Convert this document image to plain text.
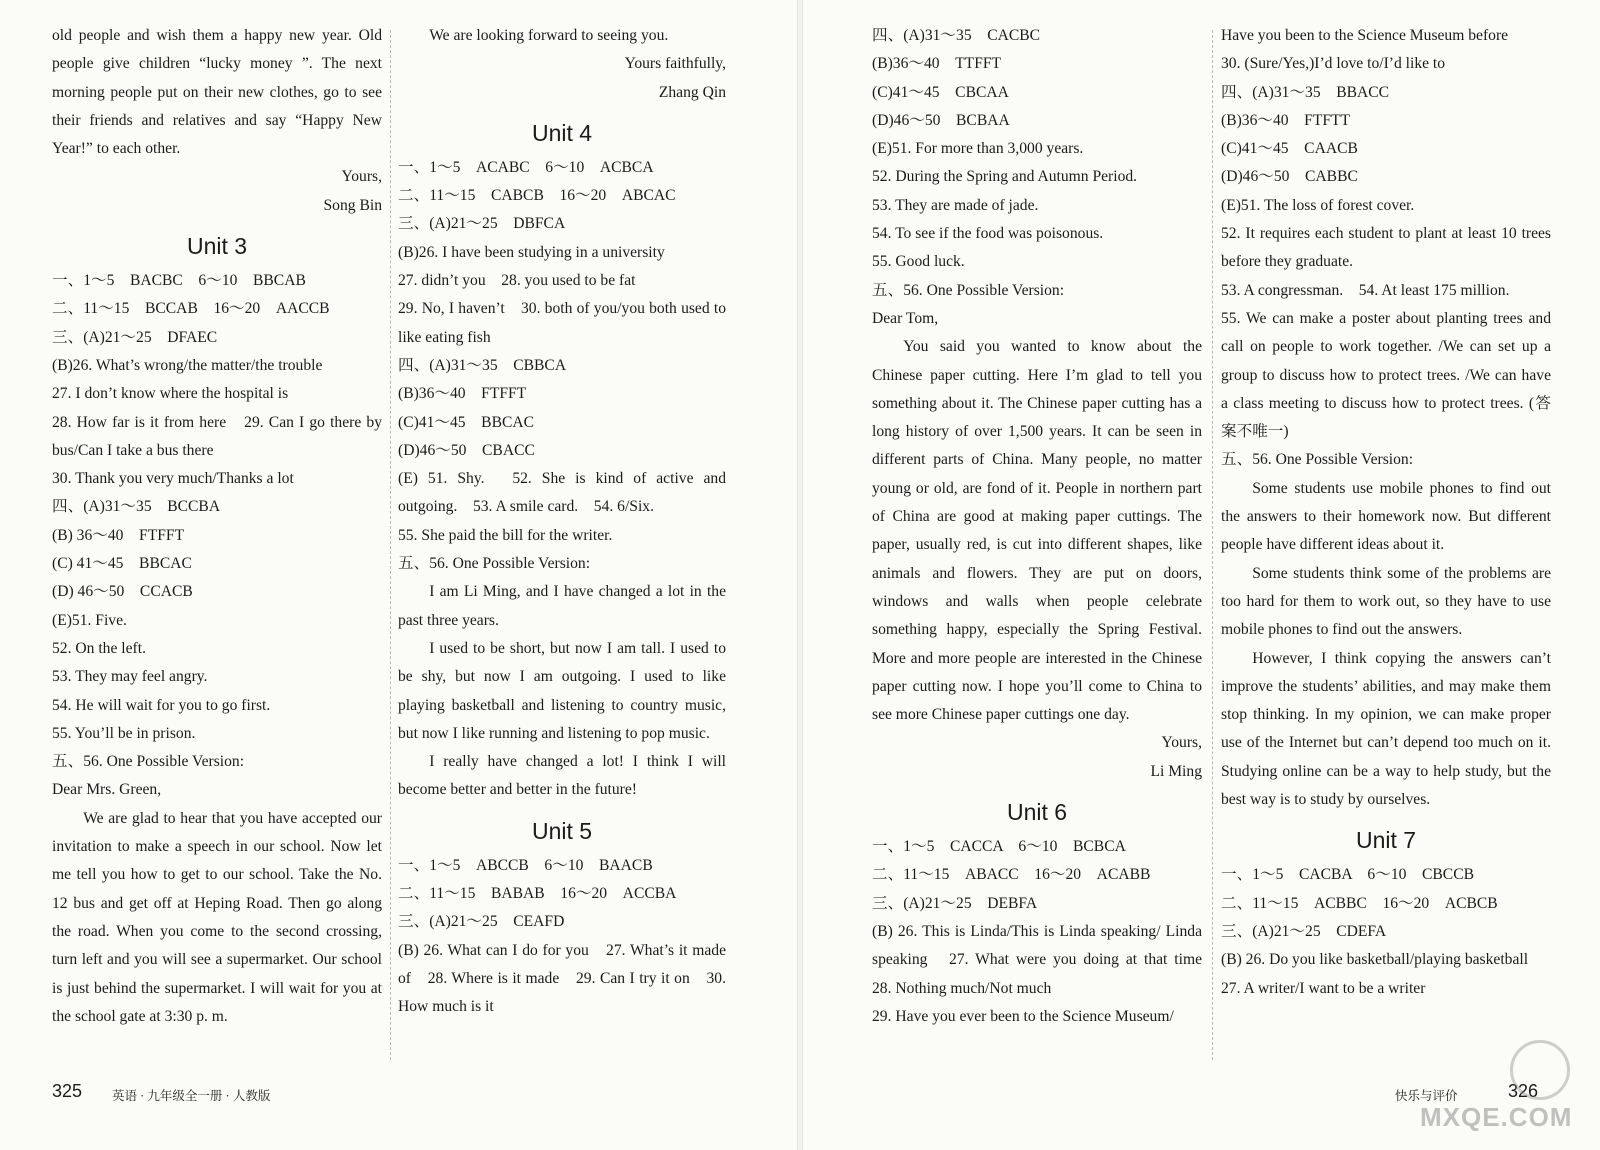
old people and wish them a happy new year. Old people give children “lucky money ”. The next morning people put on their new clothes, go to see their friends and relatives and say “Happy New Year!” to each other.

Yours,

Song Bin

Unit 3

一、1～5　BACBC　6～10　BBCAB

二、11～15　BCCAB　16～20　AACCB

三、(A)21～25　DFAEC

(B)26. What’s wrong/the matter/the trouble

27. I don’t know where the hospital is

28. How far is it from here　29. Can I go there by bus/Can I take a bus there

30. Thank you very much/Thanks a lot

四、(A)31～35　BCCBA

(B) 36～40　FTFFT

(C) 41～45　BBCAC

(D) 46～50　CCACB

(E)51. Five.

52. On the left.

53. They may feel angry.

54. He will wait for you to go first.

55. You’ll be in prison.

五、56. One Possible Version:

Dear Mrs. Green,

We are glad to hear that you have accepted our invitation to make a speech in our school. Now let me tell you how to get to our school. Take the No. 12 bus and get off at Heping Road. Then go along the road. When you come to the second crossing, turn left and you will see a supermarket. Our school is just behind the supermarket. I will wait for you at the school gate at 3:30 p. m.

We are looking forward to seeing you.

Yours faithfully,

Zhang Qin

Unit 4

一、1～5　ACABC　6～10　ACBCA

二、11～15　CABCB　16～20　ABCAC

三、(A)21～25　DBFCA

(B)26. I have been studying in a university

27. didn’t you　28. you used to be fat

29. No, I haven’t　30. both of you/you both used to like eating fish

四、(A)31～35　CBBCA

(B)36～40　FTFFT

(C)41～45　BBCAC

(D)46～50　CBACC

(E) 51. Shy.　52. She is kind of active and outgoing.　53. A smile card.　54. 6/Six.

55. She paid the bill for the writer.

五、56. One Possible Version:

I am Li Ming, and I have changed a lot in the past three years.

I used to be short, but now I am tall. I used to be shy, but now I am outgoing. I used to like playing basketball and listening to country music, but now I like running and listening to pop music.

I really have changed a lot! I think I will become better and better in the future!

Unit 5

一、1～5　ABCCB　6～10　BAACB

二、11～15　BABAB　16～20　ACCBA

三、(A)21～25　CEAFD

(B) 26. What can I do for you　27. What’s it made of　28. Where is it made　29. Can I try it on　30. How much is it

325 英语 · 九年级全一册 · 人教版

四、(A)31～35　CACBC

(B)36～40　TTFFT

(C)41～45　CBCAA

(D)46～50　BCBAA

(E)51. For more than 3,000 years.

52. During the Spring and Autumn Period.

53. They are made of jade.

54. To see if the food was poisonous.

55. Good luck.

五、56. One Possible Version:

Dear Tom,

You said you wanted to know about the Chinese paper cutting. Here I’m glad to tell you something about it. The Chinese paper cutting has a long history of over 1,500 years. It can be seen in different parts of China. Many people, no matter young or old, are fond of it. People in northern part of China are good at making paper cuttings. The paper, usually red, is cut into different shapes, like animals and flowers. They are put on doors, windows and walls when people celebrate something happy, especially the Spring Festival. More and more people are interested in the Chinese paper cutting now. I hope you’ll come to China to see more Chinese paper cuttings one day.

Yours,

Li Ming

Unit 6

一、1～5　CACCA　6～10　BCBCA

二、11～15　ABACC　16～20　ACABB

三、(A)21～25　DEBFA

(B) 26. This is Linda/This is Linda speaking/ Linda speaking　27. What were you doing at that time　28. Nothing much/Not much

29. Have you ever been to the Science Museum/

Have you been to the Science Museum before

30. (Sure/Yes,)I’d love to/I’d like to

四、(A)31～35　BBACC

(B)36～40　FTFTT

(C)41～45　CAACB

(D)46～50　CABBC

(E)51. The loss of forest cover.

52. It requires each student to plant at least 10 trees before they graduate.

53. A congressman.　54. At least 175 million.

55. We can make a poster about planting trees and call on people to work together. /We can set up a group to discuss how to protect trees. /We can have a class meeting to discuss how to protect trees. (答案不唯一)

五、56. One Possible Version:

Some students use mobile phones to find out the answers to their homework now. But different people have different ideas about it.

Some students think some of the problems are too hard for them to work out, so they have to use mobile phones to find out the answers.

However, I think copying the answers can’t improve the students’ abilities, and may make them stop thinking. In my opinion, we can make proper use of the Internet but can’t depend too much on it. Studying online can be a way to help study, but the best way is to study by ourselves.

Unit 7

一、1～5　CACBA　6～10　CBCCB

二、11～15　ACBBC　16～20　ACBCB

三、(A)21～25　CDEFA

(B) 26. Do you like basketball/playing basketball

27. A writer/I want to be a writer

快乐与评价	326
MXQE.COM
